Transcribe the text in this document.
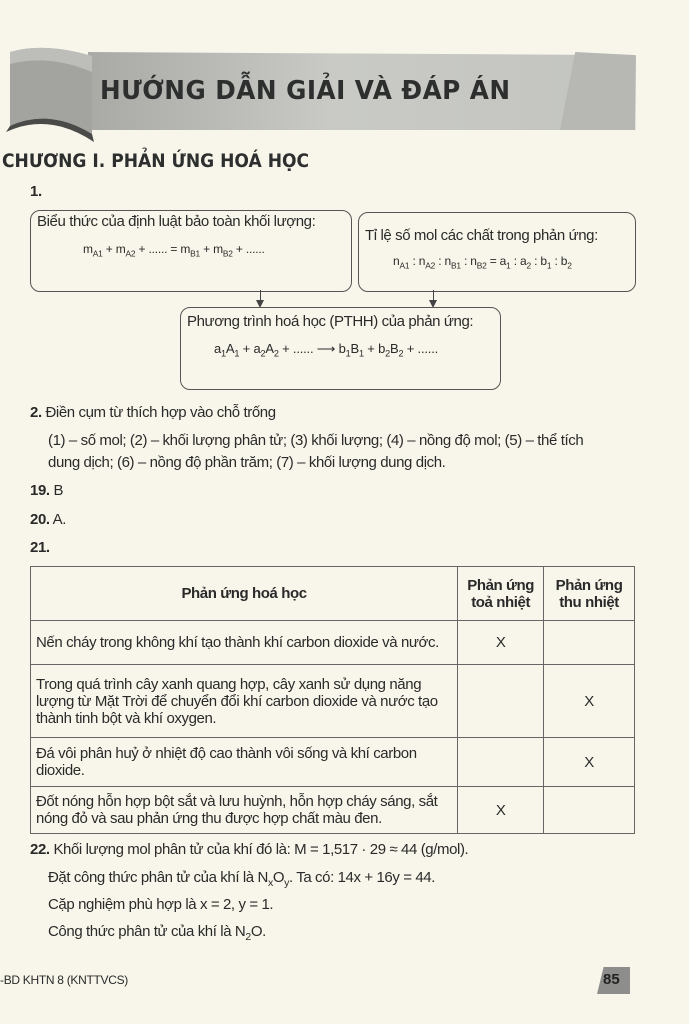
HƯỚNG DẪN GIẢI VÀ ĐÁP ÁN
CHƯƠNG I. PHẢN ỨNG HOÁ HỌC
1.
Biểu thức của định luật bảo toàn khối lượng:
$m_{A1} + m_{A2}$ + ...... = $m_{B1} + m_{B2}$ + ......
Tỉ lệ số mol các chất trong phản ứng:
$n_{A1}$ : $n_{A2}$ : $n_{B1}$ : $n_{B2} = a_1$ : $a_2$ : $b_1$ : $b_2$
Phương trình hoá học (PTHH) của phản ứng:
$a_1A_1 + a_2A_2$ + ...... ⟶ $b_1B_1 + b_2B_2$ + ......
2. Điền cụm từ thích hợp vào chỗ trống
(1) – số mol; (2) – khối lượng phân tử; (3) khối lượng; (4) – nồng độ mol; (5) – thể tích
dung dịch; (6) – nồng độ phần trăm; (7) – khối lượng dung dịch.
19. B
20. A.
21.
Phản ứng hoá học	Phản ứng toả nhiệt	Phản ứng thu nhiệt
Nến cháy trong không khí tạo thành khí carbon dioxide và nước.	X	
Trong quá trình cây xanh quang hợp, cây xanh sử dụng năng lượng từ Mặt Trời để chuyển đổi khí carbon dioxide và nước tạo thành tinh bột và khí oxygen.		X
Đá vôi phân huỷ ở nhiệt độ cao thành vôi sống và khí carbon dioxide.		X
Đốt nóng hỗn hợp bột sắt và lưu huỳnh, hỗn hợp cháy sáng, sắt nóng đỏ và sau phản ứng thu được hợp chất màu đen.	X	
22. Khối lượng mol phân tử của khí đó là: M = 1,517 · 29 ≈ 44 (g/mol).
Đặt công thức phân tử của khí là $N_xO_y$. Ta có: 14x + 16y = 44.
Cặp nghiệm phù hợp là x = 2, y = 1.
Công thức phân tử của khí là $N_2O$.
-BD KHTN 8 (KNTTVCS)	85
